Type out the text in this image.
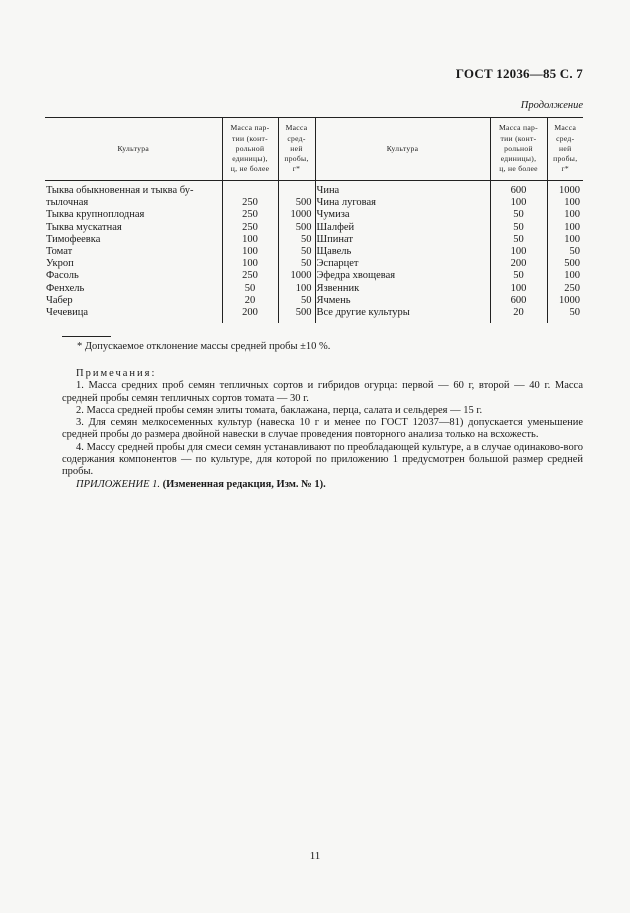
ГОСТ 12036—85 С. 7
Продолжение
Культура	Масса пар-
тии (конт-
рольной
единицы),
ц, не более	Масса
сред-
ней
пробы,
г*	Культура	Масса пар-
тии (конт-
рольной
единицы),
ц, не более	Масса
сред-
ней
пробы,
г*
Тыква обыкновенная и тыква бу-			Чина	600	1000
тылочная	250	500	Чина луговая	100	100
Тыква крупноплодная	250	1000	Чумиза	50	100
Тыква мускатная	250	500	Шалфей	50	100
Тимофеевка	100	50	Шпинат	50	100
Томат	100	50	Щавель	100	50
Укроп	100	50	Эспарцет	200	500
Фасоль	250	1000	Эфедра хвощевая	50	100
Фенхель	50	100	Язвенник	100	250
Чабер	20	50	Ячмень	600	1000
Чечевица	200	500	Все другие культуры	20	50
* Допускаемое отклонение массы средней пробы ±10 %.

Примечания:

1. Масса средних проб семян тепличных сортов и гибридов огурца: первой — 60 г, второй — 40 г. Масса средней пробы семян тепличных сортов томата — 30 г.

2. Масса средней пробы семян элиты томата, баклажана, перца, салата и сельдерея — 15 г.

3. Для семян мелкосеменных культур (навеска 10 г и менее по ГОСТ 12037—81) допускается уменьшение средней пробы до размера двойной навески в случае проведения повторного анализа только на всхожесть.

4. Массу средней пробы для смеси семян устанавливают по преобладающей культуре, а в случае одинаково-вого содержания компонентов — по культуре, для которой по приложению 1 предусмотрен большой размер средней пробы.

ПРИЛОЖЕНИЕ 1. (Измененная редакция, Изм. № 1).

11
